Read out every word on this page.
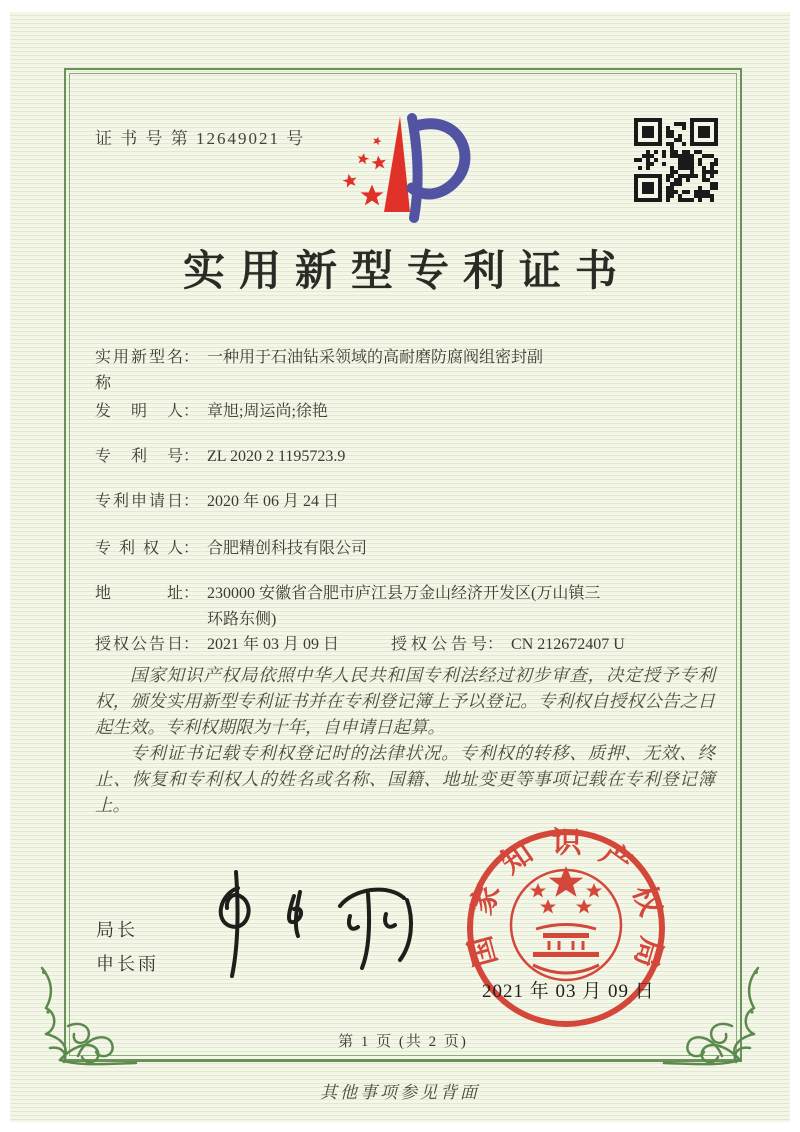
证 书 号 第 12649021 号
实用新型专利证书
实用新型名称
： 一种用于石油钻采领域的高耐磨防腐阀组密封副
发明人 ： 章旭;周运尚;徐艳
专利号 ： ZL 2020 2 1195723.9
专利申请日 ： 2020 年 06 月 24 日
专利权人 ： 合肥精创科技有限公司
地址 ： 230000 安徽省合肥市庐江县万金山经济开发区(万山镇三
环路东侧)
授权公告日 ： 2021 年 03 月 09 日	授权公告号 ： CN 212672407 U

国家知识产权局依照中华人民共和国专利法经过初步审查，决定授予专利权，颁发实用新型专利证书并在专利登记簿上予以登记。专利权自授权公告之日起生效。专利权期限为十年，自申请日起算。

专利证书记载专利权登记时的法律状况。专利权的转移、质押、无效、终止、恢复和专利权人的姓名或名称、国籍、地址变更等事项记载在专利登记簿上。

局长
申长雨	国家知识产权局
2021 年 03 月 09 日
第 1 页 (共 2 页)
其他事项参见背面
